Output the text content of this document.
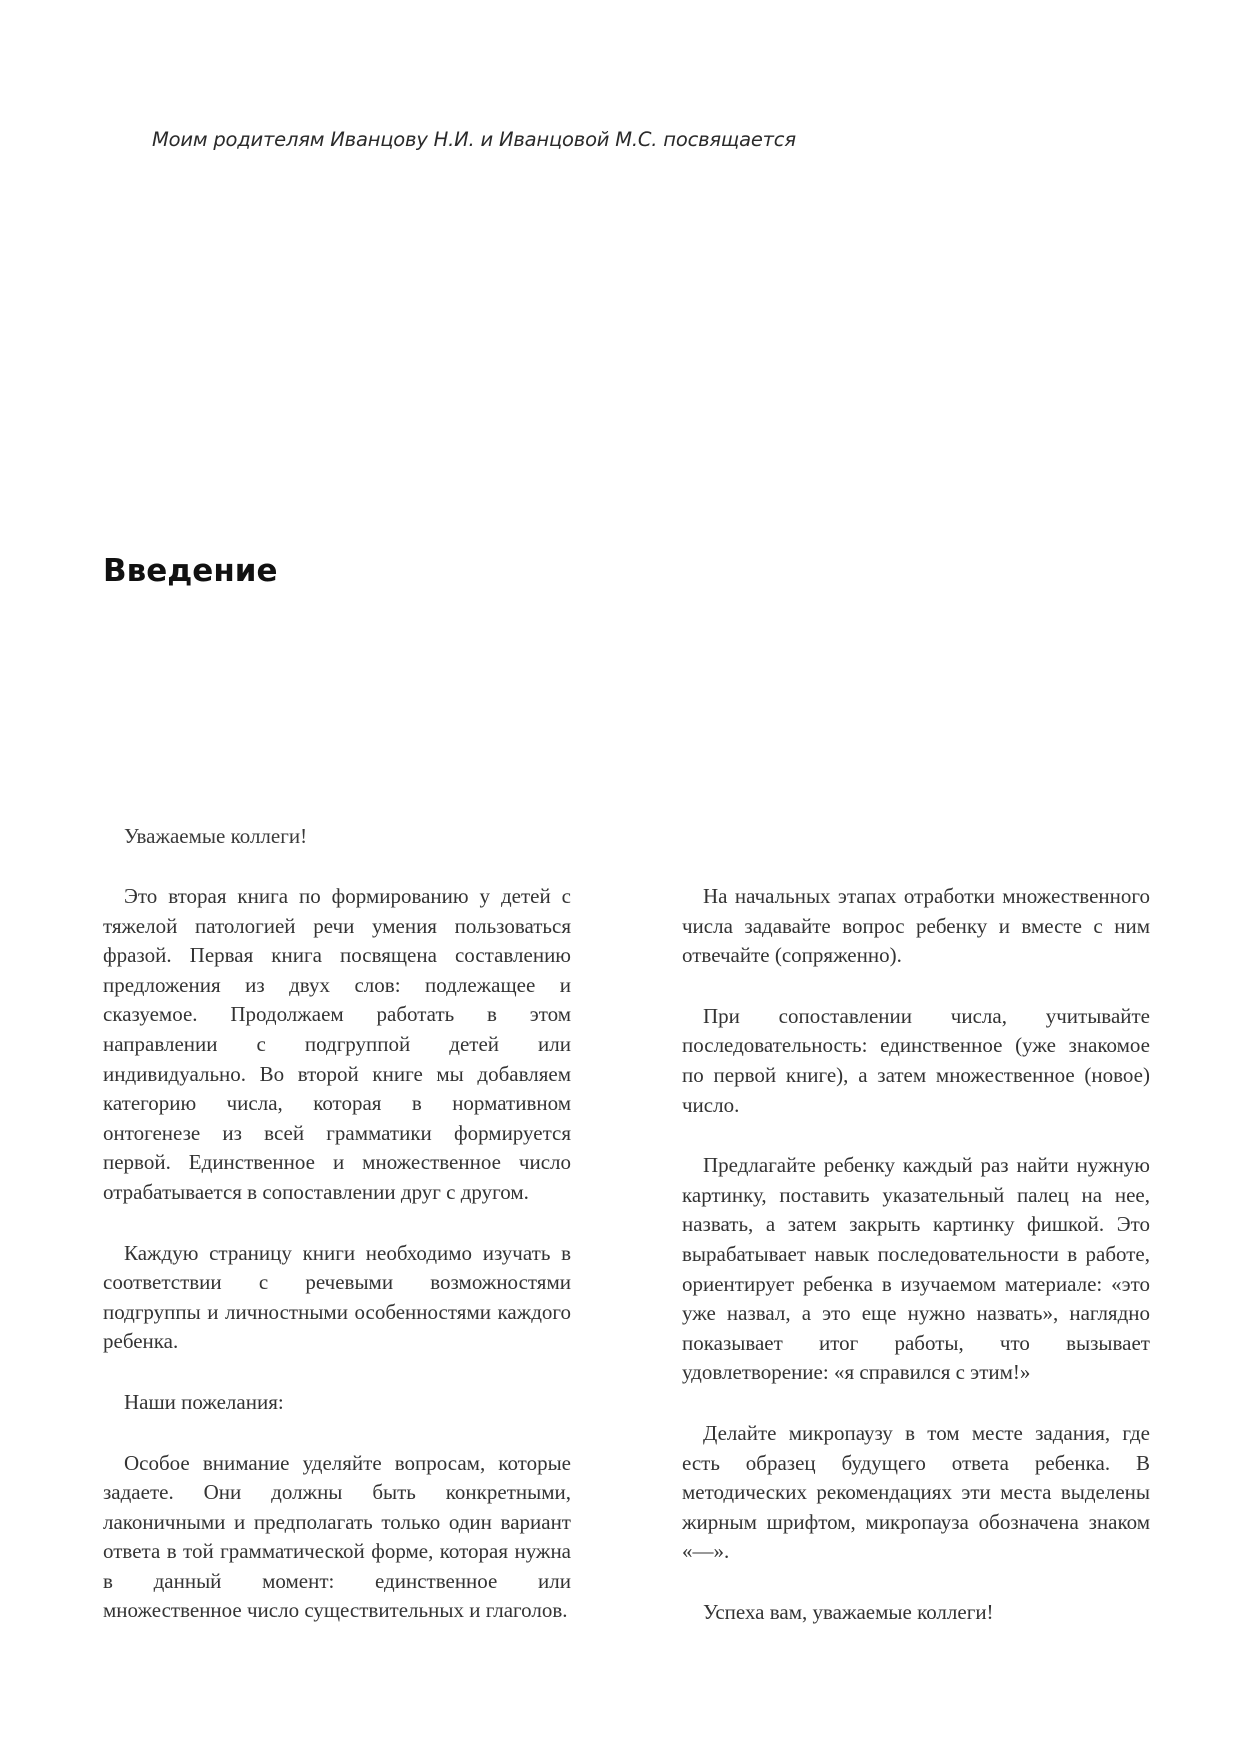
Моим родителям Иванцову Н.И. и Иванцовой М.С. посвящается
Введение

Уважаемые коллеги!

Это вторая книга по формированию у детей с тяжелой патологией речи умения пользоваться фразой. Первая книга посвящена составлению предложения из двух слов: подлежащее и сказуемое. Продолжаем работать в этом направлении с подгруппой детей или индивидуально. Во второй книге мы добавляем категорию числа, которая в нормативном онтогенезе из всей грамматики формируется первой. Единственное и множественное число отрабатывается в сопоставлении друг с другом.

Каждую страницу книги необходимо изучать в соответствии с речевыми возможностями подгруппы и личностными особенностями каждого ребенка.

Наши пожелания:

Особое внимание уделяйте вопросам, которые задаете. Они должны быть конкретными, лаконичными и предполагать только один вариант ответа в той грамматической форме, которая нужна в данный момент: единственное или множественное число существительных и глаголов.

На начальных этапах отработки множественного числа задавайте вопрос ребенку и вместе с ним отвечайте (сопряженно).

При сопоставлении числа, учитывайте последовательность: единственное (уже знакомое по первой книге), а затем множественное (новое) число.

Предлагайте ребенку каждый раз найти нужную картинку, поставить указательный палец на нее, назвать, а затем закрыть картинку фишкой. Это вырабатывает навык последовательности в работе, ориентирует ребенка в изучаемом материале: «это уже назвал, а это еще нужно назвать», наглядно показывает итог работы, что вызывает удовлетворение: «я справился с этим!»

Делайте микропаузу в том месте задания, где есть образец будущего ответа ребенка. В методических рекомендациях эти места выделены жирным шрифтом, микропауза обозначена знаком «—».

Успеха вам, уважаемые коллеги!
